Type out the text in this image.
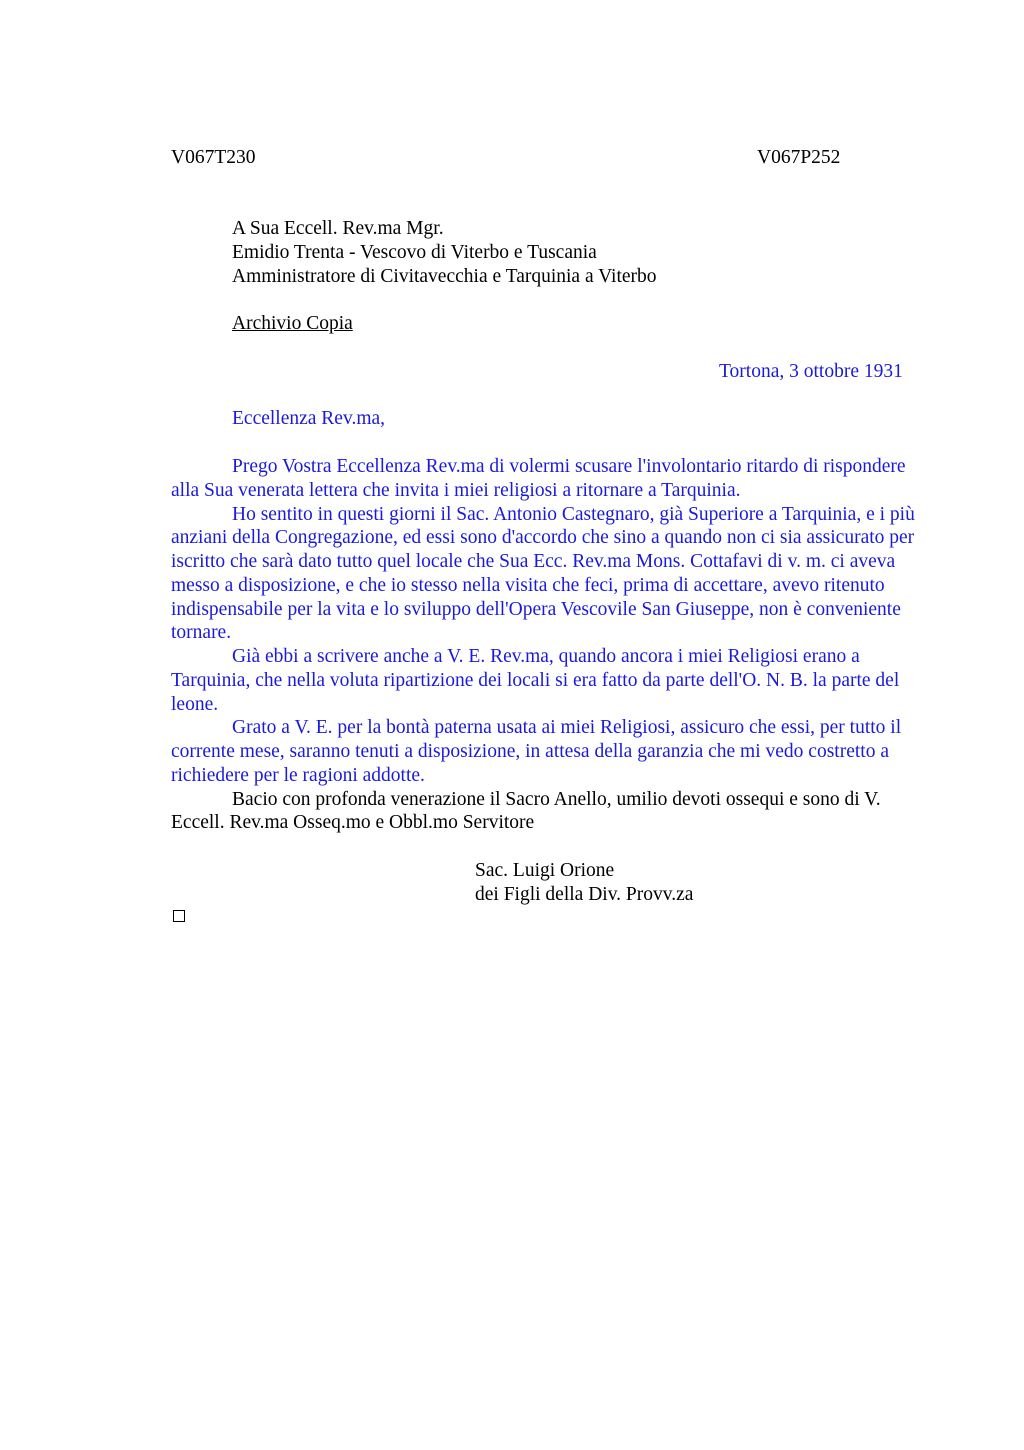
V067T230	V067P252
A Sua Eccell. Rev.ma Mgr.
Emidio Trenta - Vescovo di Viterbo e Tuscania
Amministratore di Civitavecchia e Tarquinia a Viterbo
Archivio Copia
Tortona, 3 ottobre 1931
Eccellenza Rev.ma,

Prego Vostra Eccellenza Rev.ma di volermi scusare l'involontario ritardo di rispondere alla Sua venerata lettera che invita i miei religiosi a ritornare a Tarquinia.

Ho sentito in questi giorni il Sac. Antonio Castegnaro, già Superiore a Tarquinia, e i più anziani della Congregazione, ed essi sono d'accordo che sino a quando non ci sia assicurato per iscritto che sarà dato tutto quel locale che Sua Ecc. Rev.ma Mons. Cottafavi di v. m. ci aveva messo a disposizione, e che io stesso nella visita che feci, prima di accettare, avevo ritenuto indispensabile per la vita e lo sviluppo dell'Opera Vescovile San Giuseppe, non è conveniente tornare.

Già ebbi a scrivere anche a V. E. Rev.ma, quando ancora i miei Religiosi erano a Tarquinia, che nella voluta ripartizione dei locali si era fatto da parte dell'O. N. B. la parte del leone.

Grato a V. E. per la bontà paterna usata ai miei Religiosi, assicuro che essi, per tutto il corrente mese, saranno tenuti a disposizione, in attesa della garanzia che mi vedo costretto a richiedere per le ragioni addotte.

Bacio con profonda venerazione il Sacro Anello, umilio devoti ossequi e sono di V. Eccell. Rev.ma Osseq.mo e Obbl.mo Servitore

Sac. Luigi Orione
dei Figli della Div. Provv.za
